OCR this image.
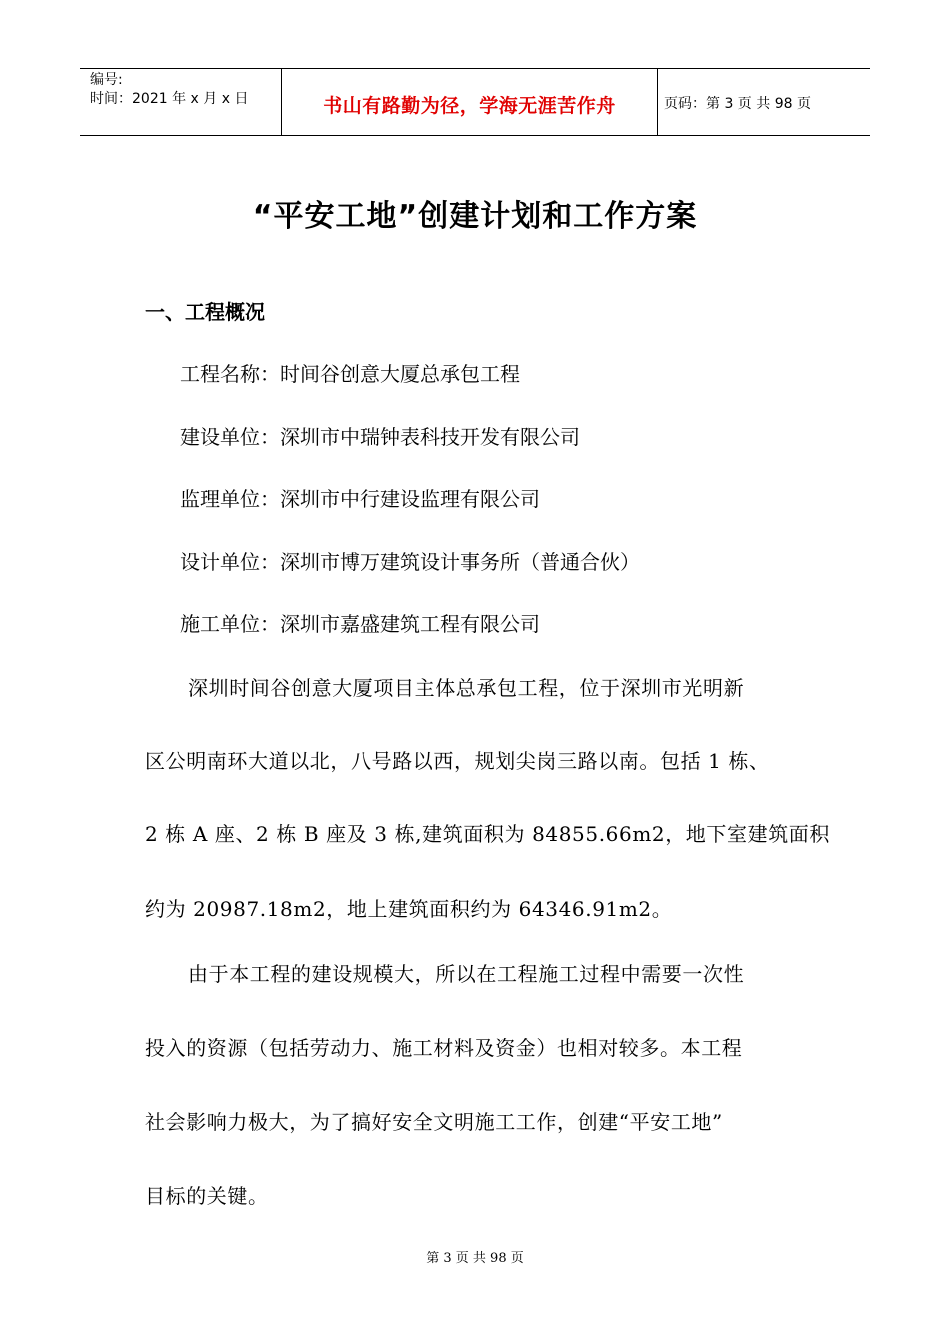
编号:
时间：2021 年 x 月 x 日	书山有路勤为径，学海无涯苦作舟	页码：第 3 页 共 98 页
“平安工地”创建计划和工作方案
一、工程概况
工程名称：时间谷创意大厦总承包工程
建设单位：深圳市中瑞钟表科技开发有限公司
监理单位：深圳市中行建设监理有限公司
设计单位：深圳市博万建筑设计事务所（普通合伙）
施工单位：深圳市嘉盛建筑工程有限公司
深圳时间谷创意大厦项目主体总承包工程，位于深圳市光明新
区公明南环大道以北，八号路以西，规划尖岗三路以南。包括 1 栋、
2 栋 A 座、2 栋 B 座及 3 栋,建筑面积为 84855.66m2，地下室建筑面积
约为 20987.18m2，地上建筑面积约为 64346.91m2。
由于本工程的建设规模大，所以在工程施工过程中需要一次性
投入的资源（包括劳动力、施工材料及资金）也相对较多。本工程
社会影响力极大，为了搞好安全文明施工工作，创建“平安工地”
目标的关键。
第 3 页 共 98 页
